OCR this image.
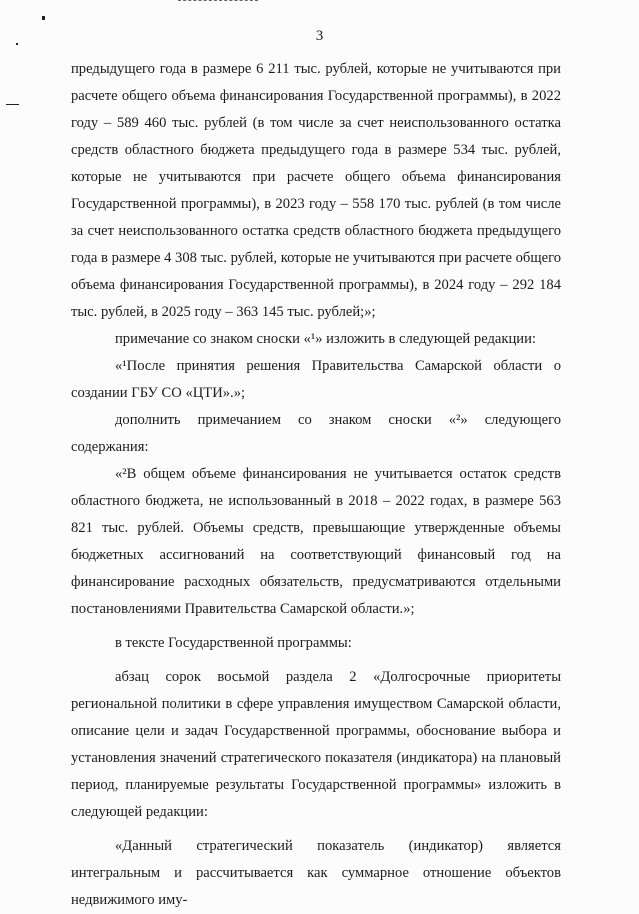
3

предыдущего года в размере 6 211 тыс. рублей, которые не учитываются при расчете общего объема финансирования Государственной программы), в 2022 году – 589 460 тыс. рублей (в том числе за счет неиспользованного остатка средств областного бюджета предыдущего года в размере 534 тыс. рублей, которые не учитываются при расчете общего объема финансирования Государственной программы), в 2023 году – 558 170 тыс. рублей (в том числе за счет неиспользованного остатка средств областного бюджета предыдущего года в размере 4 308 тыс. рублей, которые не учитываются при расчете общего объема финансирования Государственной программы), в 2024 году – 292 184 тыс. рублей, в 2025 году – 363 145 тыс. рублей;»;

примечание со знаком сноски «¹» изложить в следующей редакции:

«¹После принятия решения Правительства Самарской области о создании ГБУ СО «ЦТИ».»;

дополнить примечанием со знаком сноски «²» следующего содержания:

«²В общем объеме финансирования не учитывается остаток средств областного бюджета, не использованный в 2018 – 2022 годах, в размере 563 821 тыс. рублей. Объемы средств, превышающие утвержденные объемы бюджетных ассигнований на соответствующий финансовый год на финансирование расходных обязательств, предусматриваются отдельными постановлениями Правительства Самарской области.»;

в тексте Государственной программы:

абзац сорок восьмой раздела 2 «Долгосрочные приоритеты региональной политики в сфере управления имуществом Самарской области, описание цели и задач Государственной программы, обоснование выбора и установления значений стратегического показателя (индикатора) на плановый период, планируемые результаты Государственной программы» изложить в следующей редакции:

«Данный стратегический показатель (индикатор) является интегральным и рассчитывается как суммарное отношение объектов недвижимого иму-
